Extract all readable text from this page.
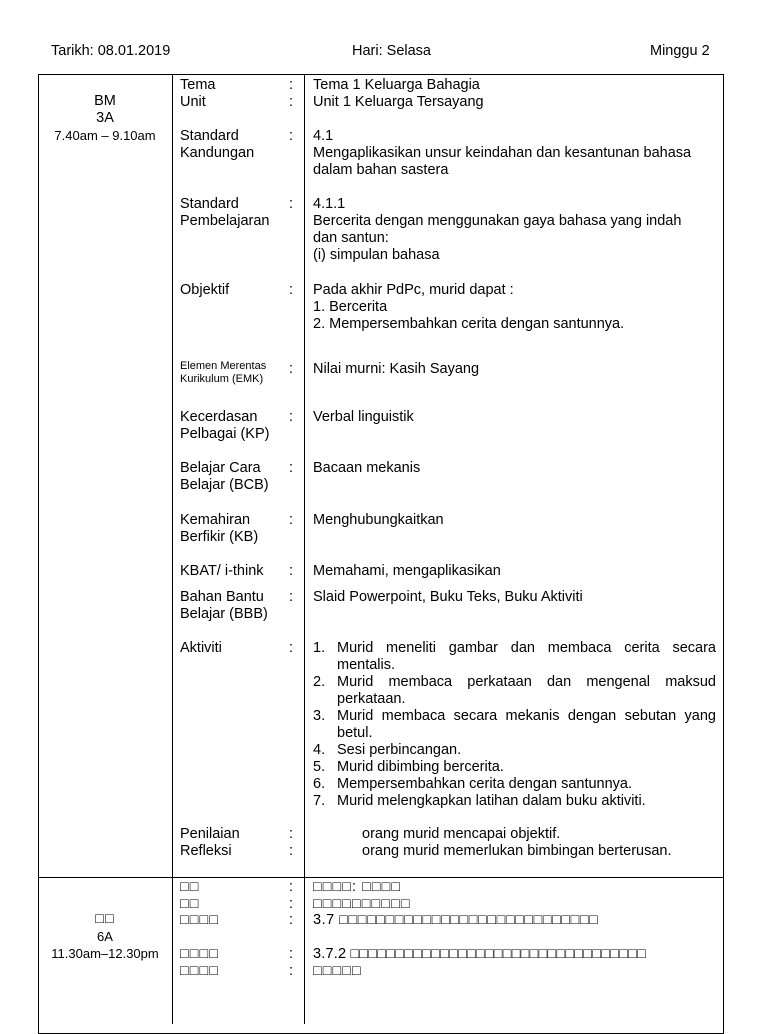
Tarikh: 08.01.2019	Hari: Selasa	Minggu 2
BM
3A
7.40am – 9.10am
Tema
Unit
Standard
Kandungan
Standard
Pembelajaran
Objektif
Elemen Merentas
Kurikulum (EMK)
Kecerdasan
Pelbagai (KP)
Belajar Cara
Belajar (BCB)
Kemahiran
Berfikir (KB)
KBAT/ i-think
Bahan Bantu
Belajar (BBB)
Aktiviti
Penilaian
Refleksi
:
:
:
:
:
:
:
:
:
:
:
:
:
:
Tema 1 Keluarga Bahagia
Unit 1 Keluarga Tersayang
4.1
Mengaplikasikan unsur keindahan dan kesantunan bahasa
dalam bahan sastera
4.1.1
Bercerita dengan menggunakan gaya bahasa yang indah
dan santun:
(i) simpulan bahasa
Pada akhir PdPc, murid dapat :
1. Bercerita
2. Mempersembahkan cerita dengan santunnya.
Nilai murni: Kasih Sayang
Verbal linguistik
Bacaan mekanis
Menghubungkaitkan
Memahami, mengaplikasikan
Slaid Powerpoint, Buku Teks, Buku Aktiviti
1. Murid meneliti gambar dan membaca cerita secara mentalis.
2. Murid membaca perkataan dan mengenal maksud perkataan.
3. Murid membaca secara mekanis dengan sebutan yang betul.
4. Sesi perbincangan.
5. Murid dibimbing bercerita.
6. Mempersembahkan cerita dengan santunnya.
7. Murid melengkapkan latihan dalam buku aktiviti.
orang murid mencapai objektif.
orang murid memerlukan bimbingan berterusan.
□□
6A
11.30am–12.30pm
□□
□□
□□□□
□□□□
□□□□
:
:
:
:
:
□□□□: □□□□
□□□□□□□□□□
3.7 □□□□□□□□□□□□□□□□□□□□□□□□□□□□
3.7.2 □□□□□□□□□□□□□□□□□□□□□□□□□□□□□□□□□
□□□□□
